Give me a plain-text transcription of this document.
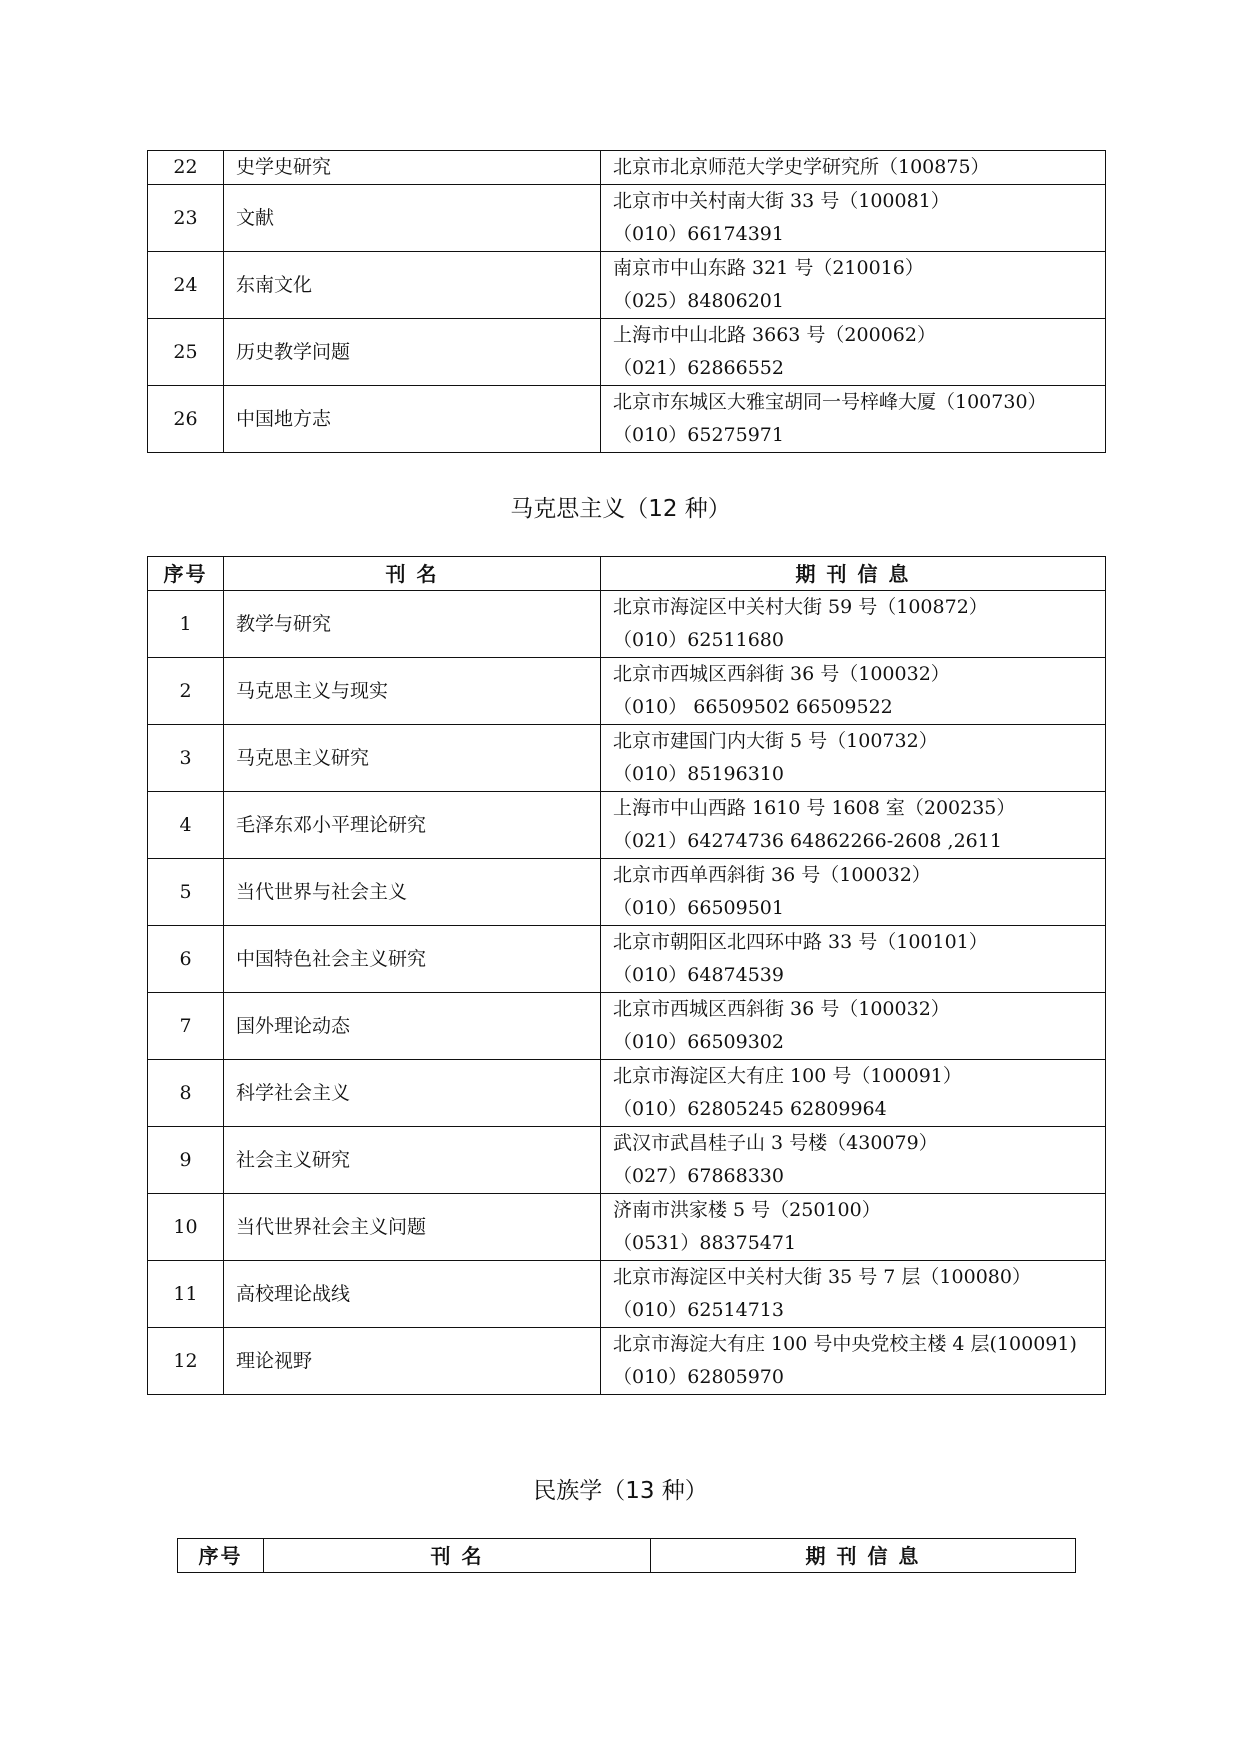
22	史学史研究	北京市北京师范大学史学研究所（100875）

23	文献	北京市中关村南大街 33 号（100081）
（010）66174391

24	东南文化	南京市中山东路 321 号（210016）
（025）84806201

25	历史教学问题	上海市中山北路 3663 号（200062）
（021）62866552

26	中国地方志	北京市东城区大雅宝胡同一号梓峰大厦（100730）
（010）65275971
马克思主义（12 种）
序号	刊 名	期 刊 信 息
1	教学与研究	北京市海淀区中关村大街 59 号（100872）
（010）62511680

2	马克思主义与现实	北京市西城区西斜街 36 号（100032）
（010） 66509502 66509522

3	马克思主义研究	北京市建国门内大街 5 号（100732）
（010）85196310

4	毛泽东邓小平理论研究	上海市中山西路 1610 号 1608 室（200235）
（021）64274736 64862266-2608 ,2611

5	当代世界与社会主义	北京市西单西斜街 36 号（100032）
（010）66509501

6	中国特色社会主义研究	北京市朝阳区北四环中路 33 号（100101）
（010）64874539

7	国外理论动态	北京市西城区西斜街 36 号（100032）
（010）66509302

8	科学社会主义	北京市海淀区大有庄 100 号（100091）
（010）62805245 62809964

9	社会主义研究	武汉市武昌桂子山 3 号楼（430079）
（027）67868330

10	当代世界社会主义问题	济南市洪家楼 5 号（250100）
（0531）88375471

11	高校理论战线	北京市海淀区中关村大街 35 号 7 层（100080）
（010）62514713

12	理论视野	北京市海淀大有庄 100 号中央党校主楼 4 层(100091)
（010）62805970
民族学（13 种）
序号	刊 名	期 刊 信 息
